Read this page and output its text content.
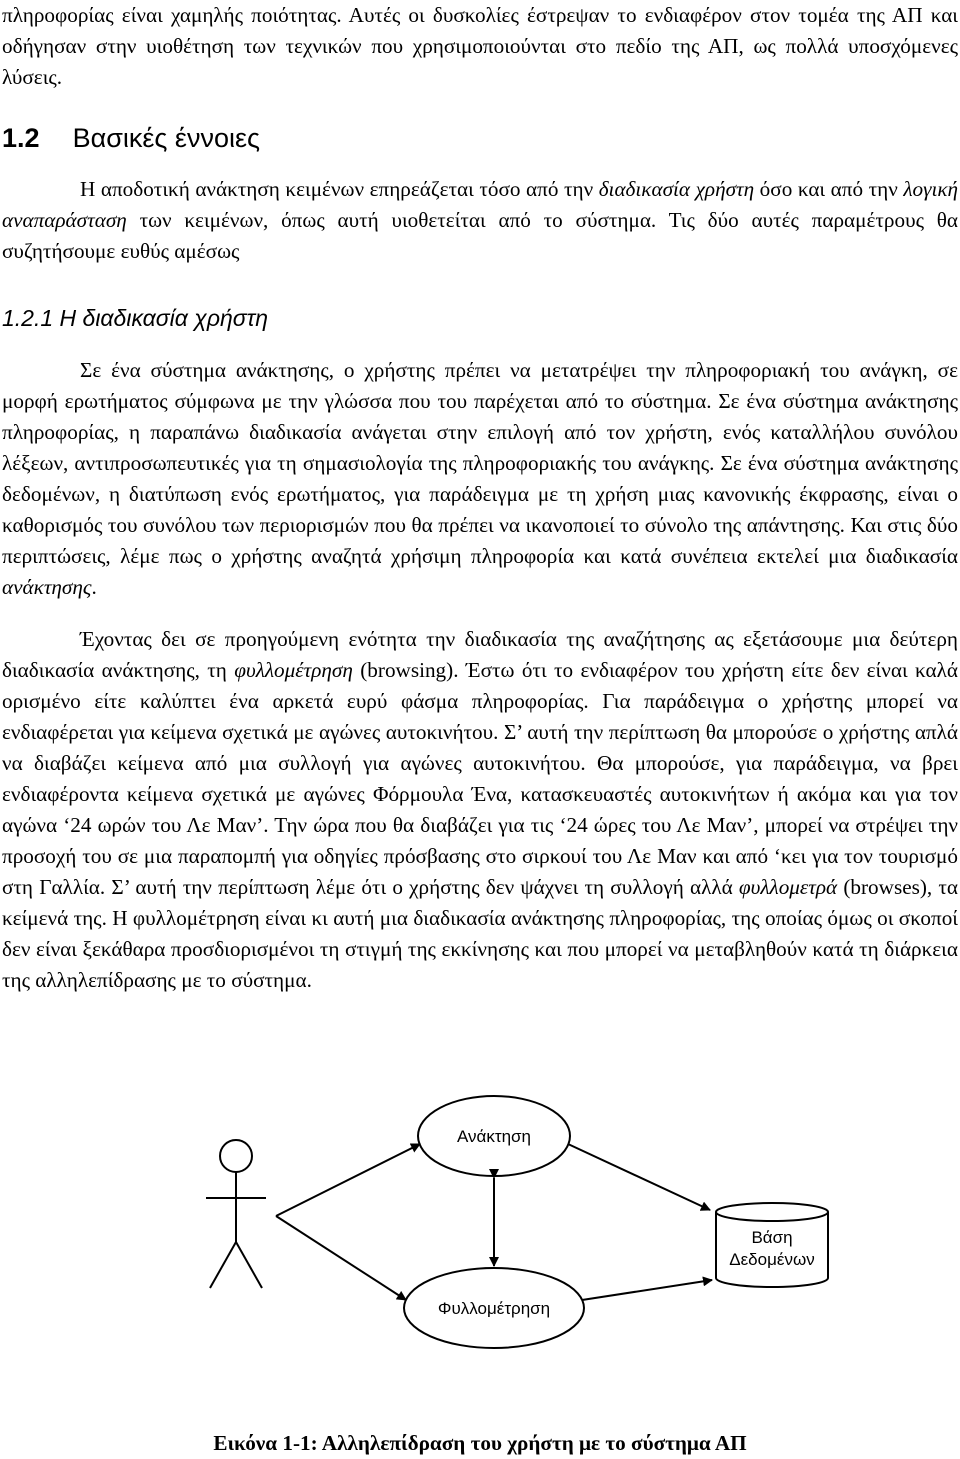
πληροφορίας είναι χαμηλής ποιότητας. Αυτές οι δυσκολίες έστρεψαν το ενδιαφέρον στον τομέα της ΑΠ και οδήγησαν στην υιοθέτηση των τεχνικών που χρησιμοποιούνται στο πεδίο της ΑΠ, ως πολλά υποσχόμενες λύσεις.

1.2 Βασικές έννοιες

Η αποδοτική ανάκτηση κειμένων επηρεάζεται τόσο από την διαδικασία χρήστη όσο και από την λογική αναπαράσταση των κειμένων, όπως αυτή υιοθετείται από το σύστημα. Τις δύο αυτές παραμέτρους θα συζητήσουμε ευθύς αμέσως

1.2.1 Η διαδικασία χρήστη

Σε ένα σύστημα ανάκτησης, ο χρήστης πρέπει να μετατρέψει την πληροφοριακή του ανάγκη, σε μορφή ερωτήματος σύμφωνα με την γλώσσα που του παρέχεται από το σύστημα. Σε ένα σύστημα ανάκτησης πληροφορίας, η παραπάνω διαδικασία ανάγεται στην επιλογή από τον χρήστη, ενός καταλλήλου συνόλου λέξεων, αντιπροσωπευτικές για τη σημασιολογία της πληροφοριακής του ανάγκης. Σε ένα σύστημα ανάκτησης δεδομένων, η διατύπωση ενός ερωτήματος, για παράδειγμα με τη χρήση μιας κανονικής έκφρασης, είναι ο καθορισμός του συνόλου των περιορισμών που θα πρέπει να ικανοποιεί το σύνολο της απάντησης. Και στις δύο περιπτώσεις, λέμε πως ο χρήστης αναζητά χρήσιμη πληροφορία και κατά συνέπεια εκτελεί μια διαδικασία ανάκτησης.

Έχοντας δει σε προηγούμενη ενότητα την διαδικασία της αναζήτησης ας εξετάσουμε μια δεύτερη διαδικασία ανάκτησης, τη φυλλομέτρηση (browsing). Έστω ότι το ενδιαφέρον του χρήστη είτε δεν είναι καλά ορισμένο είτε καλύπτει ένα αρκετά ευρύ φάσμα πληροφορίας. Για παράδειγμα ο χρήστης μπορεί να ενδιαφέρεται για κείμενα σχετικά με αγώνες αυτοκινήτου. Σ’ αυτή την περίπτωση θα μπορούσε ο χρήστης απλά να διαβάζει κείμενα από μια συλλογή για αγώνες αυτοκινήτου. Θα μπορούσε, για παράδειγμα, να βρει ενδιαφέροντα κείμενα σχετικά με αγώνες Φόρμουλα Ένα, κατασκευαστές αυτοκινήτων ή ακόμα και για τον αγώνα ‘24 ωρών του Λε Μαν’. Την ώρα που θα διαβάζει για τις ‘24 ώρες του Λε Μαν’, μπορεί να στρέψει την προσοχή του σε μια παραπομπή για οδηγίες πρόσβασης στο σιρκουί του Λε Μαν και από ‘κει για τον τουρισμό στη Γαλλία. Σ’ αυτή την περίπτωση λέμε ότι ο χρήστης δεν ψάχνει τη συλλογή αλλά φυλλομετρά (browses), τα κείμενά της. Η φυλλομέτρηση είναι κι αυτή μια διαδικασία ανάκτησης πληροφορίας, της οποίας όμως οι σκοποί δεν είναι ξεκάθαρα προσδιορισμένοι τη στιγμή της εκκίνησης και που μπορεί να μεταβληθούν κατά τη διάρκεια της αλληλεπίδρασης με το σύστημα.

Ανάκτηση
Φυλλομέτρηση
Βάση
Δεδομένων
Εικόνα 1-1: Αλληλεπίδραση του χρήστη με το σύστημα ΑΠ
